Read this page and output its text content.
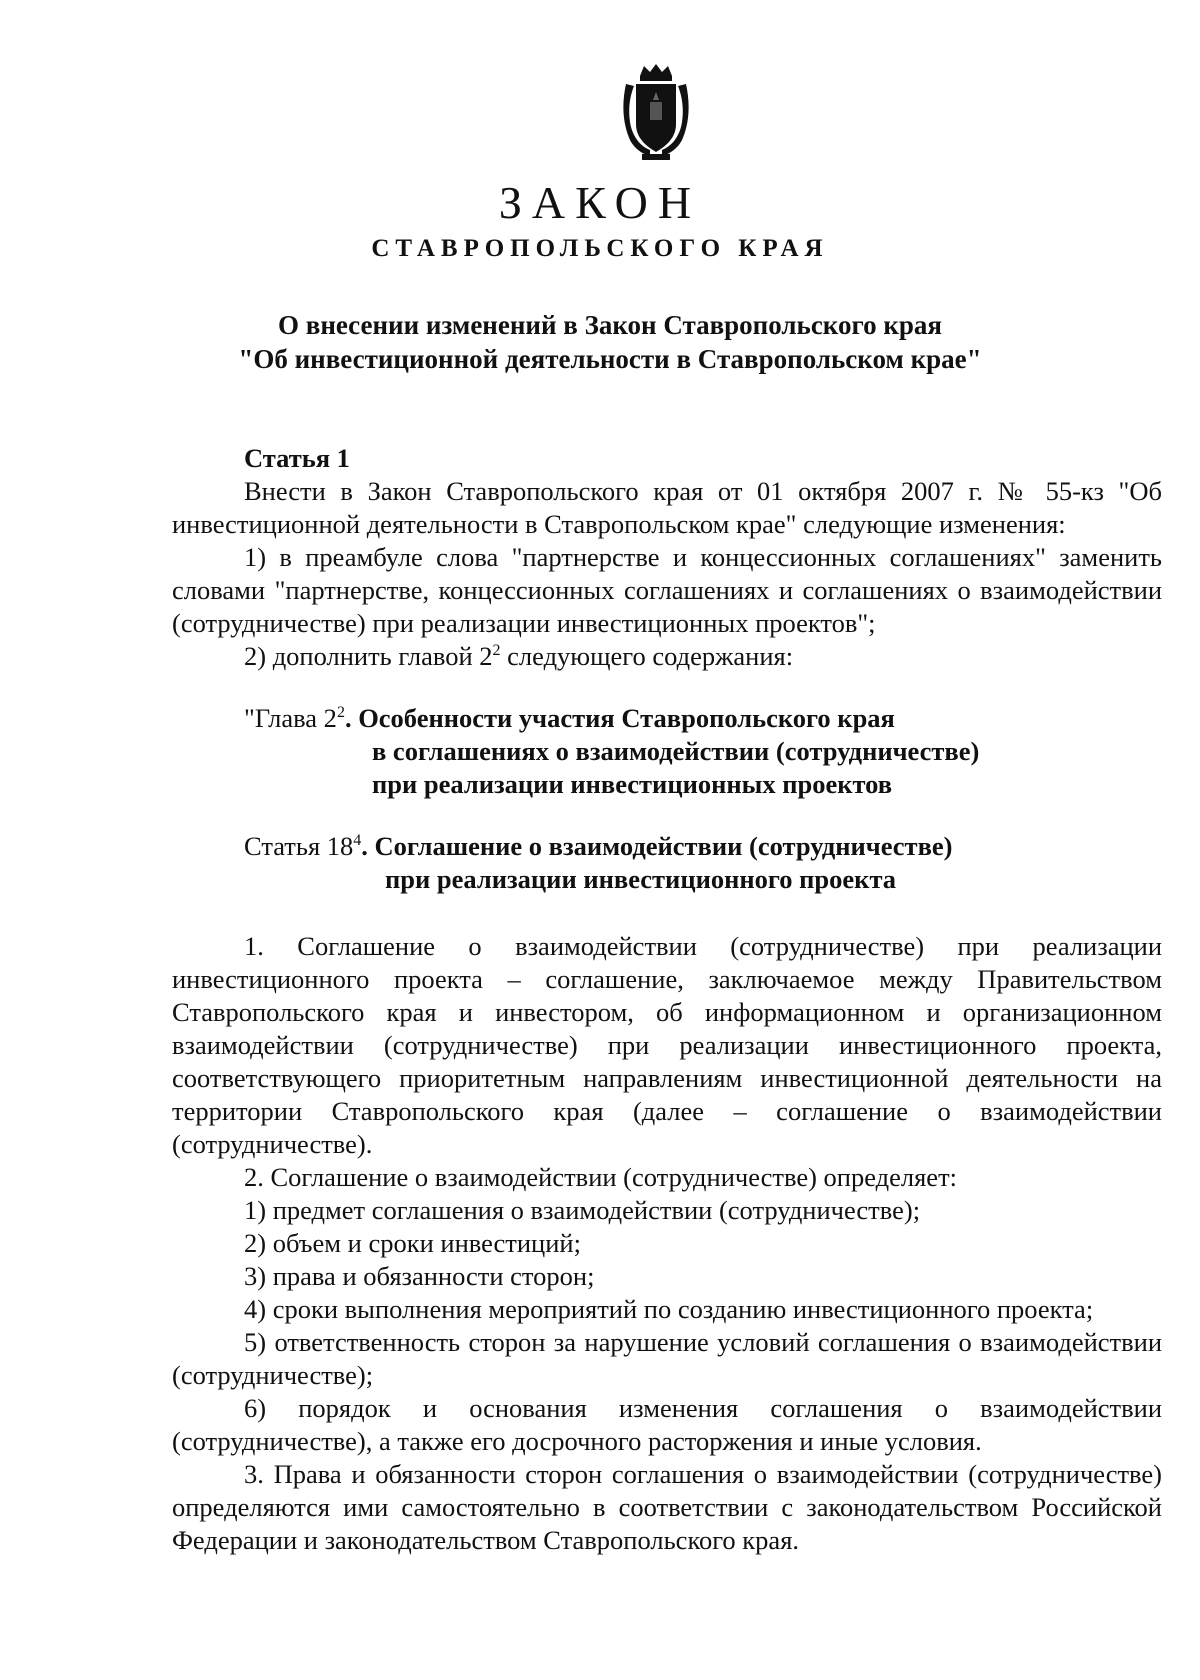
ЗАКОН
СТАВРОПОЛЬСКОГО КРАЯ
О внесении изменений в Закон Ставропольского края
"Об инвестиционной деятельности в Ставропольском крае"
Статья 1

Внести в Закон Ставропольского края от 01 октября 2007 г. № 55-кз "Об инвестиционной деятельности в Ставропольском крае" следующие изменения:

1) в преамбуле слова "партнерстве и концессионных соглашениях" заменить словами "партнерстве, концессионных соглашениях и соглашениях о взаимодействии (сотрудничестве) при реализации инвестиционных проектов";

2) дополнить главой $2^2$ следующего содержания:

"Глава $2^2$. Особенности участия Ставропольского края
в соглашениях о взаимодействии (сотрудничестве)
при реализации инвестиционных проектов
Статья $18^4$. Соглашение о взаимодействии (сотрудничестве)
при реализации инвестиционного проекта

1. Соглашение о взаимодействии (сотрудничестве) при реализации инвестиционного проекта – соглашение, заключаемое между Правительством Ставропольского края и инвестором, об информационном и организационном взаимодействии (сотрудничестве) при реализации инвестиционного проекта, соответствующего приоритетным направлениям инвестиционной деятельности на территории Ставропольского края (далее – соглашение о взаимодействии (сотрудничестве).

2. Соглашение о взаимодействии (сотрудничестве) определяет:

1) предмет соглашения о взаимодействии (сотрудничестве);

2) объем и сроки инвестиций;

3) права и обязанности сторон;

4) сроки выполнения мероприятий по созданию инвестиционного проекта;

5) ответственность сторон за нарушение условий соглашения о взаимодействии (сотрудничестве);

6) порядок и основания изменения соглашения о взаимодействии (сотрудничестве), а также его досрочного расторжения и иные условия.

3. Права и обязанности сторон соглашения о взаимодействии (сотрудничестве) определяются ими самостоятельно в соответствии с законодательством Российской Федерации и законодательством Ставропольского края.
